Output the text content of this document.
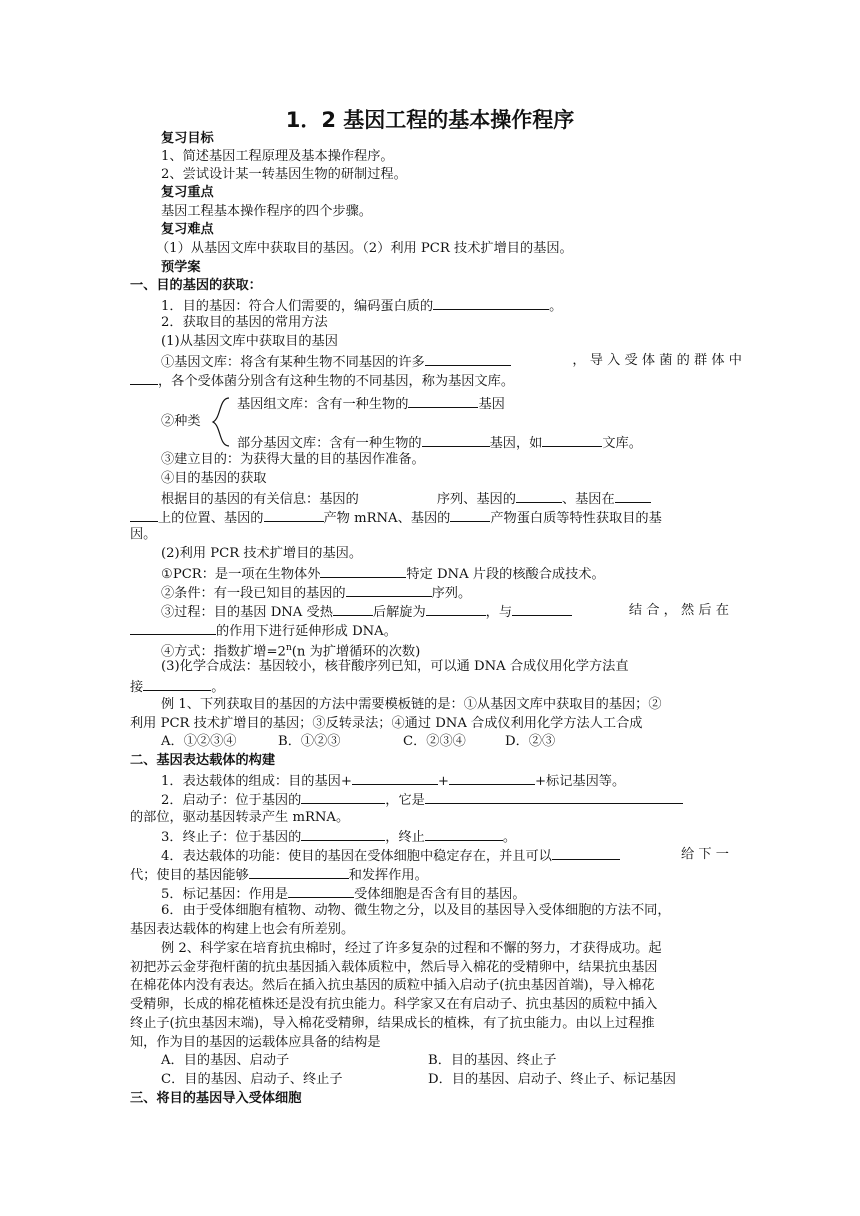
1．2 基因工程的基本操作程序
复习目标
1、简述基因工程原理及基本操作程序。
2、尝试设计某一转基因生物的研制过程。
复习重点
基因工程基本操作程序的四个步骤。
复习难点
（1）从基因文库中获取目的基因。（2）利用 PCR 技术扩增目的基因。
预学案
一、目的基因的获取：
1．目的基因：符合人们需要的，编码蛋白质的	。
2．获取目的基因的常用方法
(1)从基因文库中获取目的基因
①基因文库：将含有某种生物不同基因的许多	， 导 入 受 体 菌 的 群 体 中
，各个受体菌分别含有这种生物的不同基因，称为基因文库。
基因组文库：含有一种生物的	基因
②种类
部分基因文库：含有一种生物的	基因，如	文库。
③建立目的：为获得大量的目的基因作准备。
④目的基因的获取
根据目的基因的有关信息：基因的	序列、基因的	、基因在
上的位置、基因的	产物 mRNA、基因的	产物蛋白质等特性获取目的基
因。
(2)利用 PCR 技术扩增目的基因。
①PCR：是一项在生物体外	特定 DNA 片段的核酸合成技术。
②条件：有一段已知目的基因的	序列。
③过程：目的基因 DNA 受热	后解旋为	，与	结 合 ， 然 后 在
的作用下进行延伸形成 DNA。
④方式：指数扩增$=2^n(n$ 为扩增循环的次数)
(3)化学合成法：基因较小，核苷酸序列已知，可以通 DNA 合成仪用化学方法直
接	。
例 1、下列获取目的基因的方法中需要模板链的是：①从基因文库中获取目的基因；②
利用 PCR 技术扩增目的基因；③反转录法；④通过 DNA 合成仪利用化学方法人工合成
A．①②③④	B．①②③	C．②③④	D．②③
二、基因表达载体的构建
1．表达载体的组成：目的基因+	+	+标记基因等。
2．启动子：位于基因的	，它是
的部位，驱动基因转录产生 mRNA。
3．终止子：位于基因的	，终止	。
4．表达载体的功能：使目的基因在受体细胞中稳定存在，并且可以	给 下 一
代；使目的基因能够	和发挥作用。
5．标记基因：作用是	受体细胞是否含有目的基因。
6．由于受体细胞有植物、动物、微生物之分，以及目的基因导入受体细胞的方法不同，
基因表达载体的构建上也会有所差别。
例 2、科学家在培育抗虫棉时，经过了许多复杂的过程和不懈的努力，才获得成功。起
初把苏云金芽孢杆菌的抗虫基因插入载体质粒中，然后导入棉花的受精卵中，结果抗虫基因
在棉花体内没有表达。然后在插入抗虫基因的质粒中插入启动子(抗虫基因首端)，导入棉花
受精卵，长成的棉花植株还是没有抗虫能力。科学家又在有启动子、抗虫基因的质粒中插入
终止子(抗虫基因末端)，导入棉花受精卵，结果成长的植株，有了抗虫能力。由以上过程推
知，作为目的基因的运载体应具备的结构是
A．目的基因、启动子	B．目的基因、终止子
C．目的基因、启动子、终止子	D．目的基因、启动子、终止子、标记基因
三、将目的基因导入受体细胞
